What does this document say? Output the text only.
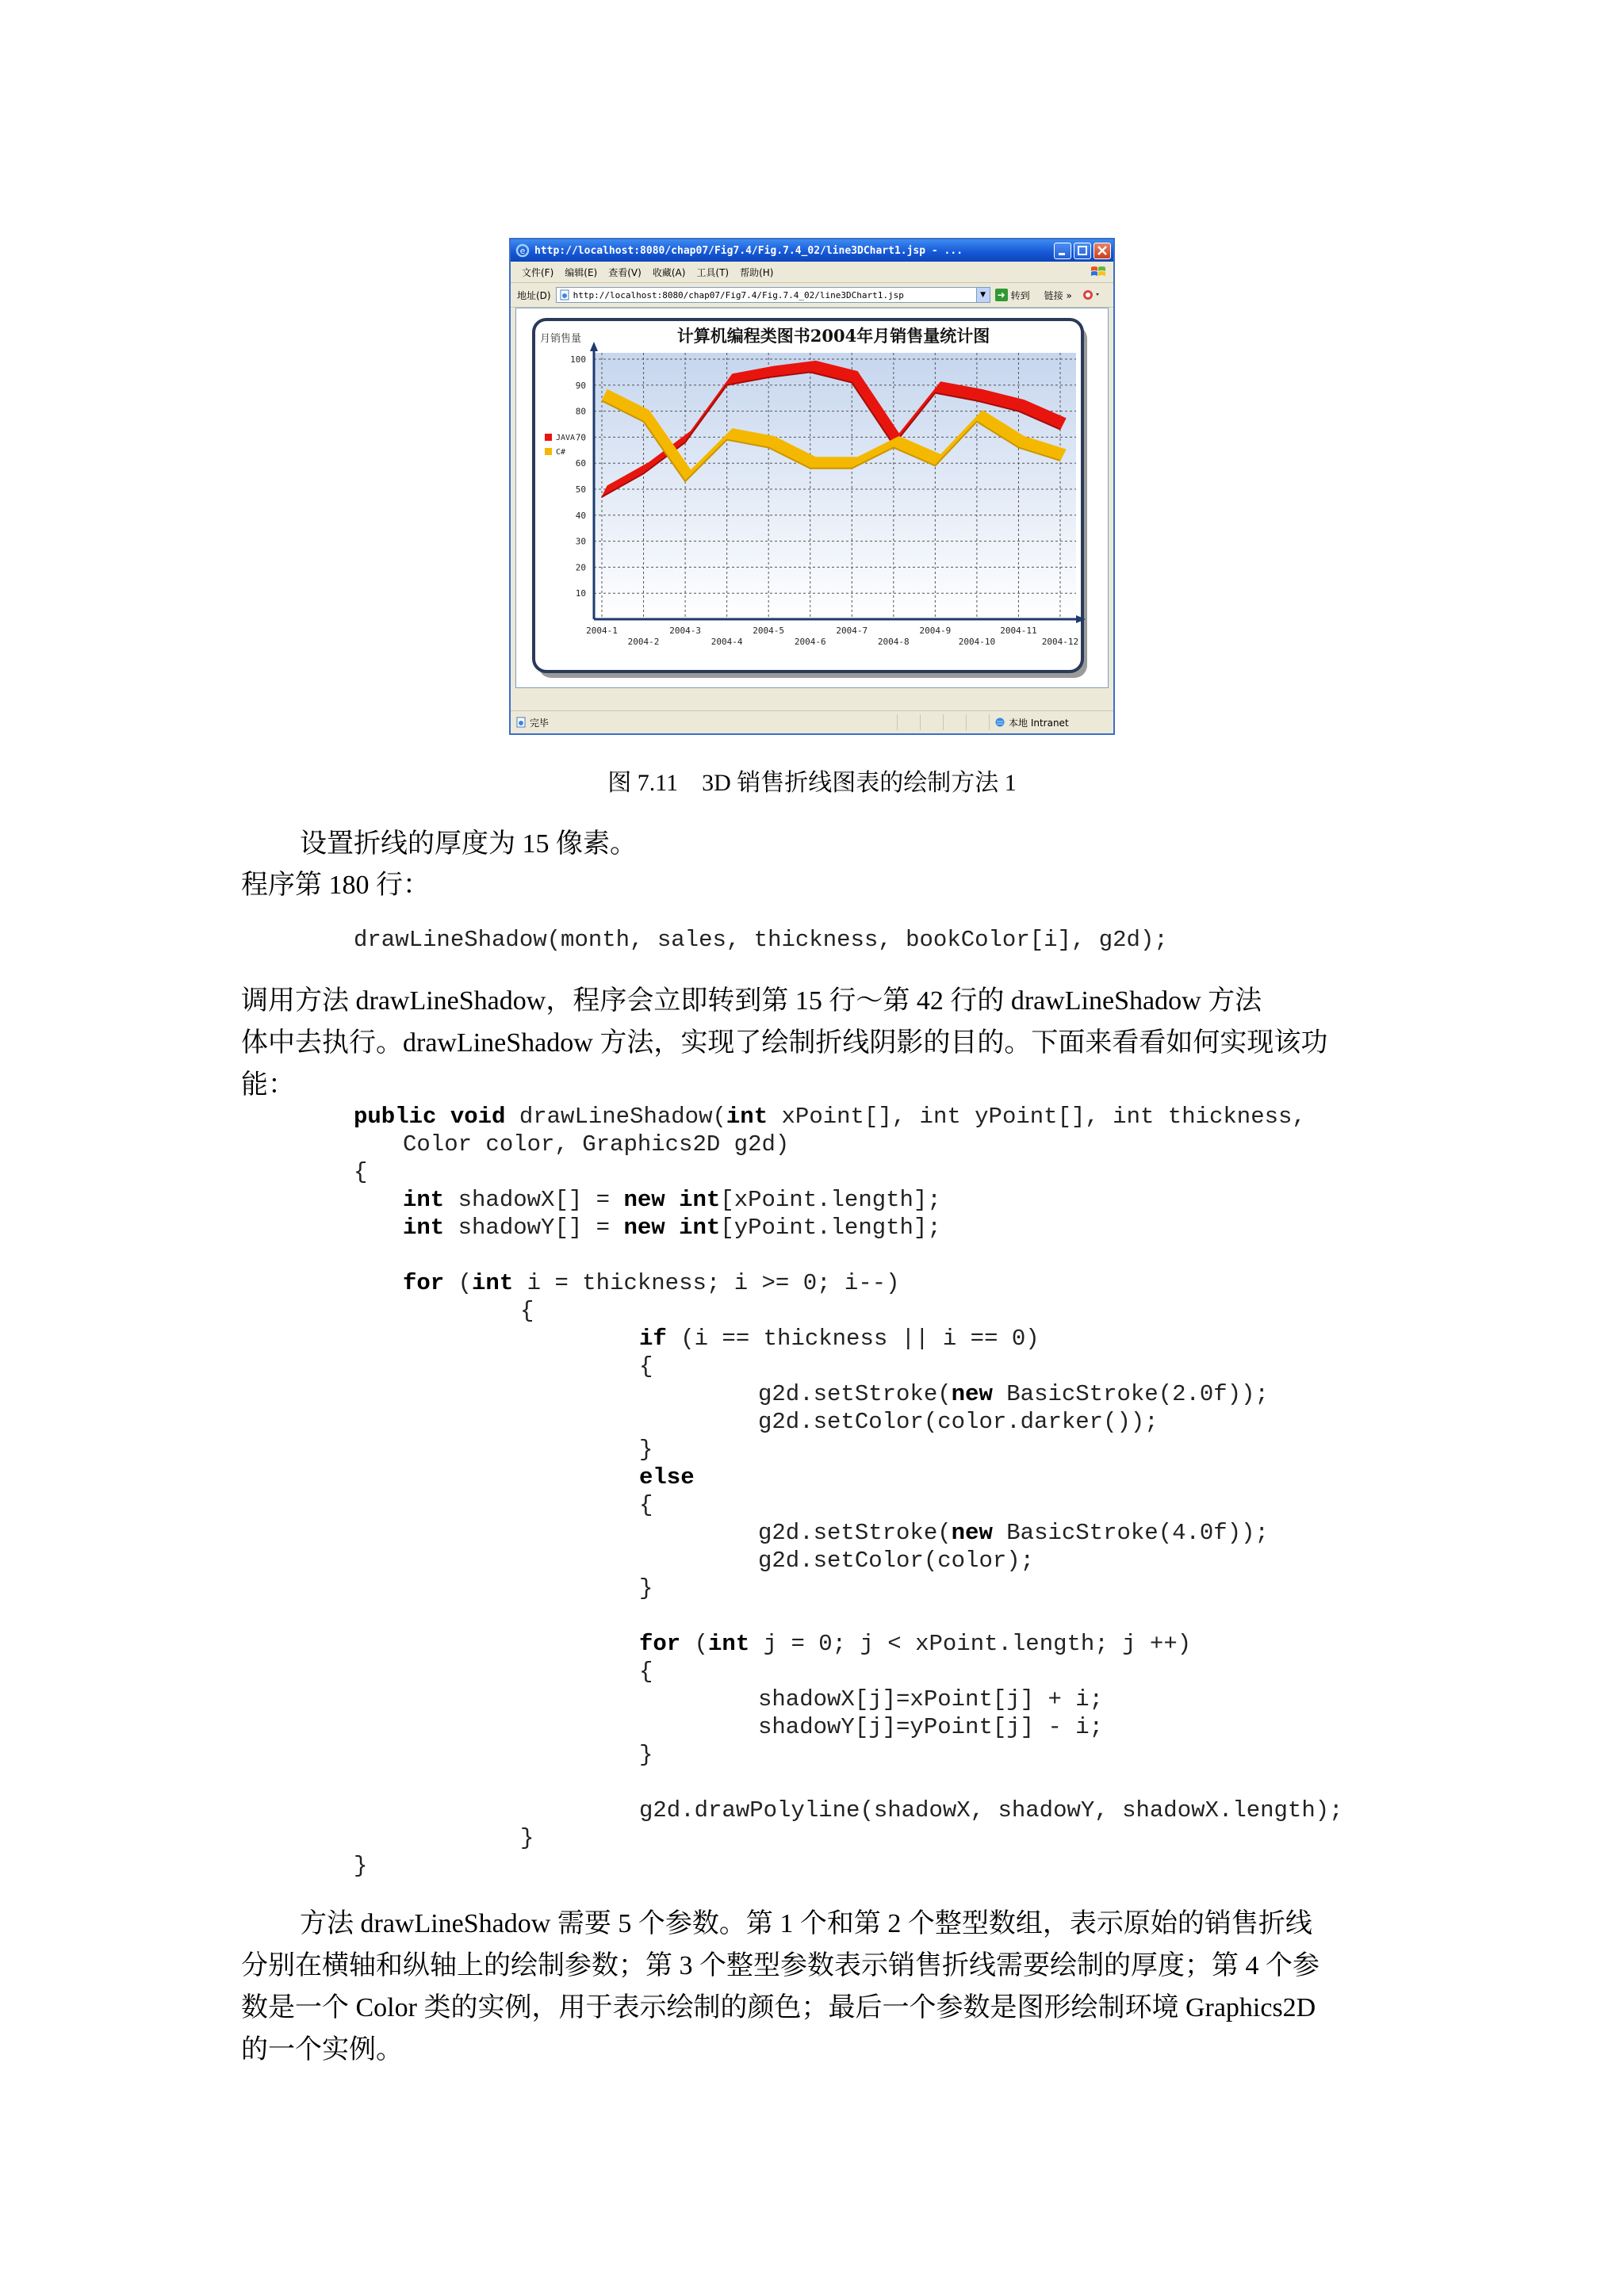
e http://localhost:8080/chap07/Fig7.4/Fig.7.4_02/line3DChart1.jsp - ...
文件(F) 编辑(E) 查看(V) 收藏(A) 工具(T) 帮助(H)
地址(D)	http://localhost:8080/chap07/Fig7.4/Fig.7.4_02/line3DChart1.jsp	▼	➜ 转到 链接 »
10
20
30
40
50
60
70
80
90
100
2004-1
2004-2
2004-3
2004-4
2004-5
2004-6
2004-7
2004-8
2004-9
2004-10
2004-11
2004-12
JAVA
C#
计算机编程类图书2004年月销售量统计图
月销售量
完毕	本地 Intranet
图 7.11　3D 销售折线图表的绘制方法 1
设置折线的厚度为 15 像素。
程序第 180 行：
drawLineShadow(month, sales, thickness, bookColor[i], g2d);
调用方法 drawLineShadow，程序会立即转到第 15 行～第 42 行的 drawLineShadow 方法
体中去执行。drawLineShadow 方法，实现了绘制折线阴影的目的。下面来看看如何实现该功
能：
public void drawLineShadow(int xPoint[], int yPoint[], int thickness,
Color color, Graphics2D g2d)
{
int shadowX[] = new int[xPoint.length];
int shadowY[] = new int[yPoint.length];
for (int i = thickness; i >= 0; i--)
{
if (i == thickness || i == 0)
{
g2d.setStroke(new BasicStroke(2.0f));
g2d.setColor(color.darker());
}
else
{
g2d.setStroke(new BasicStroke(4.0f));
g2d.setColor(color);
}
for (int j = 0; j < xPoint.length; j ++)
{
shadowX[j]=xPoint[j] + i;
shadowY[j]=yPoint[j] - i;
}
g2d.drawPolyline(shadowX, shadowY, shadowX.length);
}
}
方法 drawLineShadow 需要 5 个参数。第 1 个和第 2 个整型数组，表示原始的销售折线
分别在横轴和纵轴上的绘制参数；第 3 个整型参数表示销售折线需要绘制的厚度；第 4 个参
数是一个 Color 类的实例，用于表示绘制的颜色；最后一个参数是图形绘制环境 Graphics2D
的一个实例。
